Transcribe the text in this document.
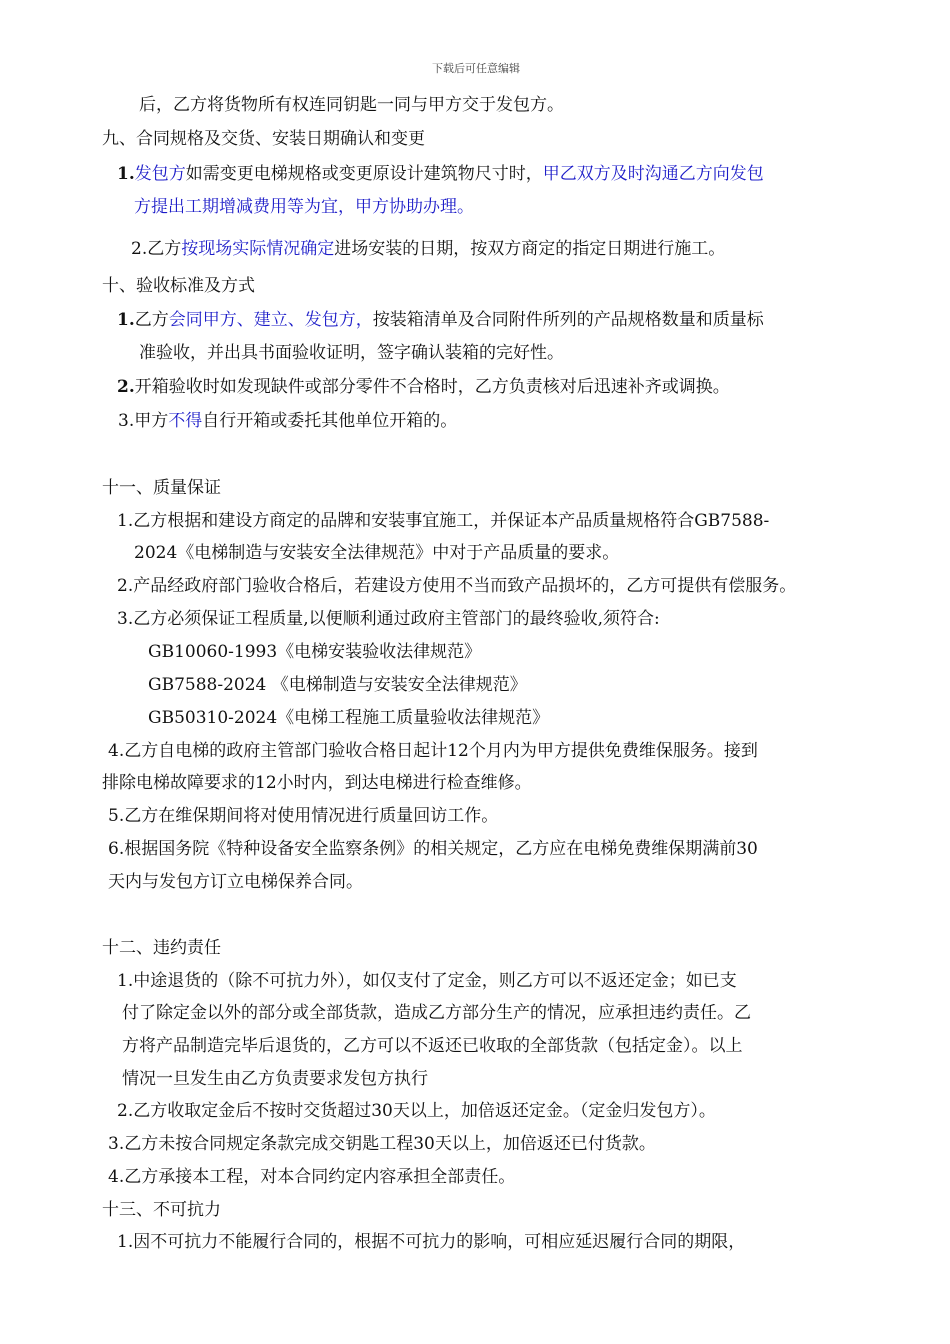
下载后可任意编辑
后，乙方将货物所有权连同钥匙一同与甲方交于发包方。
九、合同规格及交货、安装日期确认和变更
1.发包方如需变更电梯规格或变更原设计建筑物尺寸时，甲乙双方及时沟通乙方向发包
方提出工期增减费用等为宜，甲方协助办理。
2.乙方按现场实际情况确定进场安装的日期，按双方商定的指定日期进行施工。
十、验收标准及方式
1.乙方会同甲方、建立、发包方，按装箱清单及合同附件所列的产品规格数量和质量标
准验收，并出具书面验收证明，签字确认装箱的完好性。
2.开箱验收时如发现缺件或部分零件不合格时，乙方负责核对后迅速补齐或调换。
3.甲方不得自行开箱或委托其他单位开箱的。
十一、质量保证
1.乙方根据和建设方商定的品牌和安装事宜施工，并保证本产品质量规格符合GB7588-
2024《电梯制造与安装安全法律规范》中对于产品质量的要求。
2.产品经政府部门验收合格后，若建设方使用不当而致产品损坏的，乙方可提供有偿服务。
3.乙方必须保证工程质量,以便顺利通过政府主管部门的最终验收,须符合:
GB10060-1993《电梯安装验收法律规范》
GB7588-2024 《电梯制造与安装安全法律规范》
GB50310-2024《电梯工程施工质量验收法律规范》
4.乙方自电梯的政府主管部门验收合格日起计12个月内为甲方提供免费维保服务。接到
排除电梯故障要求的12小时内，到达电梯进行检查维修。
5.乙方在维保期间将对使用情况进行质量回访工作。
6.根据国务院《特种设备安全监察条例》的相关规定，乙方应在电梯免费维保期满前30
天内与发包方订立电梯保养合同。
十二、违约责任
1.中途退货的（除不可抗力外），如仅支付了定金，则乙方可以不返还定金；如已支
付了除定金以外的部分或全部货款，造成乙方部分生产的情况，应承担违约责任。乙
方将产品制造完毕后退货的，乙方可以不返还已收取的全部货款（包括定金）。以上
情况一旦发生由乙方负责要求发包方执行
2.乙方收取定金后不按时交货超过30天以上，加倍返还定金。（定金归发包方）。
3.乙方未按合同规定条款完成交钥匙工程30天以上，加倍返还已付货款。
4.乙方承接本工程，对本合同约定内容承担全部责任。
十三、不可抗力
1.因不可抗力不能履行合同的，根据不可抗力的影响，可相应延迟履行合同的期限，
